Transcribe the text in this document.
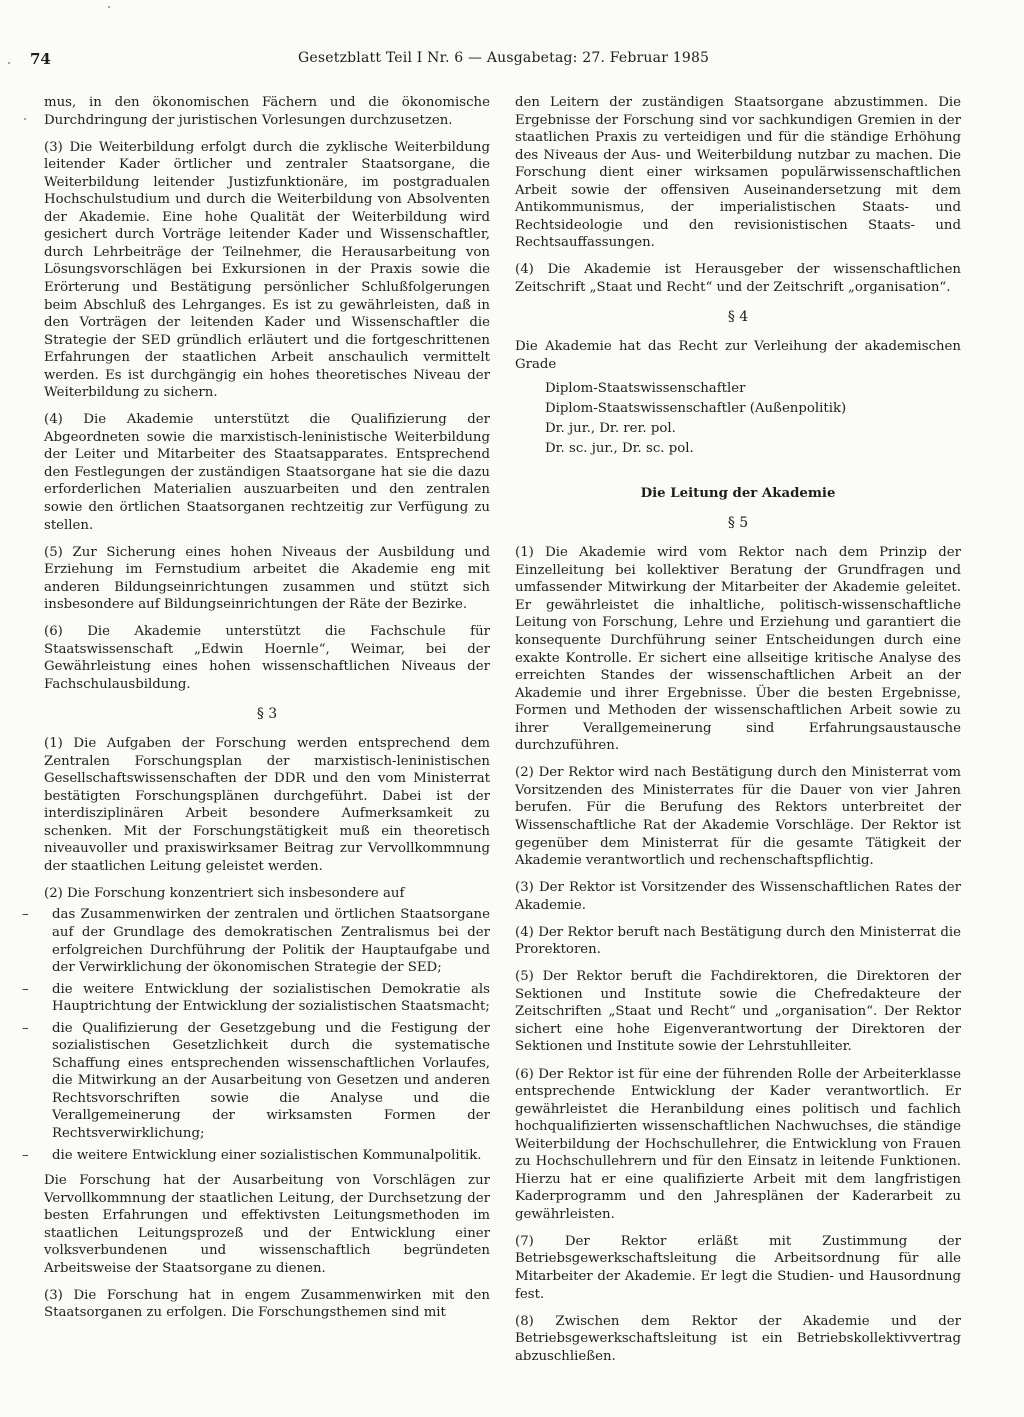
74	Gesetzblatt Teil I Nr. 6 — Ausgabetag: 27. Februar 1985

mus, in den ökonomischen Fächern und die ökonomische Durchdringung der juristischen Vorlesungen durchzusetzen.

(3) Die Weiterbildung erfolgt durch die zyklische Weiterbildung leitender Kader örtlicher und zentraler Staatsorgane, die Weiterbildung leitender Justizfunktionäre, im postgradualen Hochschulstudium und durch die Weiterbildung von Absolventen der Akademie. Eine hohe Qualität der Weiterbildung wird gesichert durch Vorträge leitender Kader und Wissenschaftler, durch Lehrbeiträge der Teilnehmer, die Herausarbeitung von Lösungsvorschlägen bei Exkursionen in der Praxis sowie die Erörterung und Bestätigung persönlicher Schlußfolgerungen beim Abschluß des Lehrganges. Es ist zu gewährleisten, daß in den Vorträgen der leitenden Kader und Wissenschaftler die Strategie der SED gründlich erläutert und die fortgeschrittenen Erfahrungen der staatlichen Arbeit anschaulich vermittelt werden. Es ist durchgängig ein hohes theoretisches Niveau der Weiterbildung zu sichern.

(4) Die Akademie unterstützt die Qualifizierung der Abgeordneten sowie die marxistisch-leninistische Weiterbildung der Leiter und Mitarbeiter des Staatsapparates. Entsprechend den Festlegungen der zuständigen Staatsorgane hat sie die dazu erforderlichen Materialien auszuarbeiten und den zentralen sowie den örtlichen Staatsorganen rechtzeitig zur Verfügung zu stellen.

(5) Zur Sicherung eines hohen Niveaus der Ausbildung und Erziehung im Fernstudium arbeitet die Akademie eng mit anderen Bildungseinrichtungen zusammen und stützt sich insbesondere auf Bildungseinrichtungen der Räte der Bezirke.

(6) Die Akademie unterstützt die Fachschule für Staatswissenschaft „Edwin Hoernle“, Weimar, bei der Gewährleistung eines hohen wissenschaftlichen Niveaus der Fachschulausbildung.

§ 3

(1) Die Aufgaben der Forschung werden entsprechend dem Zentralen Forschungsplan der marxistisch-leninistischen Gesellschaftswissenschaften der DDR und den vom Ministerrat bestätigten Forschungsplänen durchgeführt. Dabei ist der interdisziplinären Arbeit besondere Aufmerksamkeit zu schenken. Mit der Forschungstätigkeit muß ein theoretisch niveauvoller und praxiswirksamer Beitrag zur Vervollkommnung der staatlichen Leitung geleistet werden.

(2) Die Forschung konzentriert sich insbesondere auf

–	das Zusammenwirken der zentralen und örtlichen Staatsorgane auf der Grundlage des demokratischen Zentralismus bei der erfolgreichen Durchführung der Politik der Hauptaufgabe und der Verwirklichung der ökonomischen Strategie der SED;
–	die weitere Entwicklung der sozialistischen Demokratie als Hauptrichtung der Entwicklung der sozialistischen Staatsmacht;
–	die Qualifizierung der Gesetzgebung und die Festigung der sozialistischen Gesetzlichkeit durch die systematische Schaffung eines entsprechenden wissenschaftlichen Vorlaufes, die Mitwirkung an der Ausarbeitung von Gesetzen und anderen Rechtsvorschriften sowie die Analyse und die Verallgemeinerung der wirksamsten Formen der Rechtsverwirklichung;
–	die weitere Entwicklung einer sozialistischen Kommunalpolitik.

Die Forschung hat der Ausarbeitung von Vorschlägen zur Vervollkommnung der staatlichen Leitung, der Durchsetzung der besten Erfahrungen und effektivsten Leitungsmethoden im staatlichen Leitungsprozeß und der Entwicklung einer volksverbundenen und wissenschaftlich begründeten Arbeitsweise der Staatsorgane zu dienen.

(3) Die Forschung hat in engem Zusammenwirken mit den Staatsorganen zu erfolgen. Die Forschungsthemen sind mit

den Leitern der zuständigen Staatsorgane abzustimmen. Die Ergebnisse der Forschung sind vor sachkundigen Gremien in der staatlichen Praxis zu verteidigen und für die ständige Erhöhung des Niveaus der Aus- und Weiterbildung nutzbar zu machen. Die Forschung dient einer wirksamen populärwissenschaftlichen Arbeit sowie der offensiven Auseinandersetzung mit dem Antikommunismus, der imperialistischen Staats- und Rechtsideologie und den revisionistischen Staats- und Rechtsauffassungen.

(4) Die Akademie ist Herausgeber der wissenschaftlichen Zeitschrift „Staat und Recht“ und der Zeitschrift „organisation“.

§ 4

Die Akademie hat das Recht zur Verleihung der akademischen Grade

Diplom-Staatswissenschaftler
Diplom-Staatswissenschaftler (Außenpolitik)
Dr. jur., Dr. rer. pol.
Dr. sc. jur., Dr. sc. pol.
Die Leitung der Akademie
§ 5

(1) Die Akademie wird vom Rektor nach dem Prinzip der Einzelleitung bei kollektiver Beratung der Grundfragen und umfassender Mitwirkung der Mitarbeiter der Akademie geleitet. Er gewährleistet die inhaltliche, politisch-wissenschaftliche Leitung von Forschung, Lehre und Erziehung und garantiert die konsequente Durchführung seiner Entscheidungen durch eine exakte Kontrolle. Er sichert eine allseitige kritische Analyse des erreichten Standes der wissenschaftlichen Arbeit an der Akademie und ihrer Ergebnisse. Über die besten Ergebnisse, Formen und Methoden der wissenschaftlichen Arbeit sowie zu ihrer Verallgemeinerung sind Erfahrungsaustausche durchzuführen.

(2) Der Rektor wird nach Bestätigung durch den Ministerrat vom Vorsitzenden des Ministerrates für die Dauer von vier Jahren berufen. Für die Berufung des Rektors unterbreitet der Wissenschaftliche Rat der Akademie Vorschläge. Der Rektor ist gegenüber dem Ministerrat für die gesamte Tätigkeit der Akademie verantwortlich und rechenschaftspflichtig.

(3) Der Rektor ist Vorsitzender des Wissenschaftlichen Rates der Akademie.

(4) Der Rektor beruft nach Bestätigung durch den Ministerrat die Prorektoren.

(5) Der Rektor beruft die Fachdirektoren, die Direktoren der Sektionen und Institute sowie die Chefredakteure der Zeitschriften „Staat und Recht“ und „organisation“. Der Rektor sichert eine hohe Eigenverantwortung der Direktoren der Sektionen und Institute sowie der Lehrstuhlleiter.

(6) Der Rektor ist für eine der führenden Rolle der Arbeiterklasse entsprechende Entwicklung der Kader verantwortlich. Er gewährleistet die Heranbildung eines politisch und fachlich hochqualifizierten wissenschaftlichen Nachwuchses, die ständige Weiterbildung der Hochschullehrer, die Entwicklung von Frauen zu Hochschullehrern und für den Einsatz in leitende Funktionen. Hierzu hat er eine qualifizierte Arbeit mit dem langfristigen Kaderprogramm und den Jahresplänen der Kaderarbeit zu gewährleisten.

(7) Der Rektor erläßt mit Zustimmung der Betriebsgewerkschaftsleitung die Arbeitsordnung für alle Mitarbeiter der Akademie. Er legt die Studien- und Hausordnung fest.

(8) Zwischen dem Rektor der Akademie und der Betriebsgewerkschaftsleitung ist ein Betriebskollektivvertrag abzuschließen.
